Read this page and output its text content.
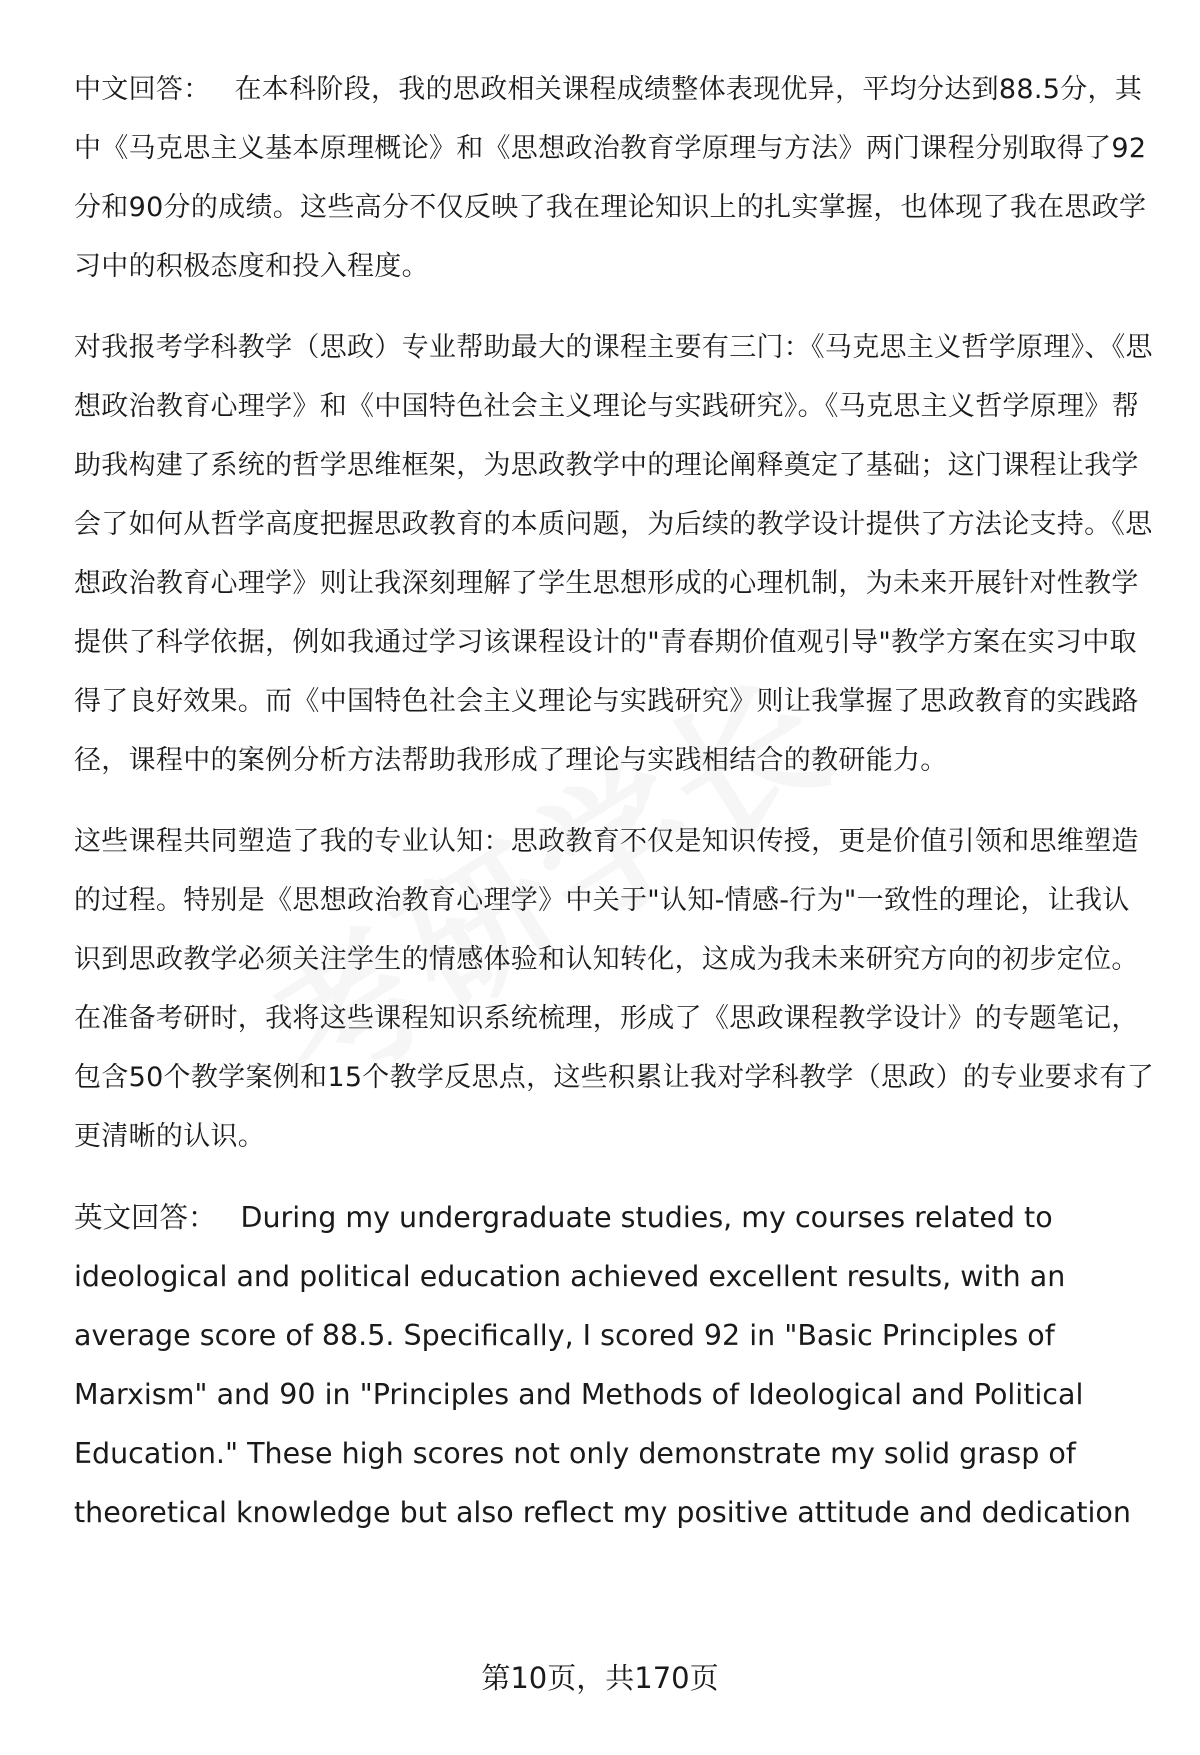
中文回答： 在本科阶段，我的思政相关课程成绩整体表现优异，平均分达到88.5分，其中《马克思主义基本原理概论》和《思想政治教育学原理与方法》两门课程分别取得了92分和90分的成绩。这些高分不仅反映了我在理论知识上的扎实掌握，也体现了我在思政学习中的积极态度和投入程度。

对我报考学科教学（思政）专业帮助最大的课程主要有三门：《马克思主义哲学原理》、《思想政治教育心理学》和《中国特色社会主义理论与实践研究》。《马克思主义哲学原理》帮助我构建了系统的哲学思维框架，为思政教学中的理论阐释奠定了基础；这门课程让我学会了如何从哲学高度把握思政教育的本质问题，为后续的教学设计提供了方法论支持。《思想政治教育心理学》则让我深刻理解了学生思想形成的心理机制，为未来开展针对性教学提供了科学依据，例如我通过学习该课程设计的"青春期价值观引导"教学方案在实习中取得了良好效果。而《中国特色社会主义理论与实践研究》则让我掌握了思政教育的实践路径，课程中的案例分析方法帮助我形成了理论与实践相结合的教研能力。

这些课程共同塑造了我的专业认知：思政教育不仅是知识传授，更是价值引领和思维塑造的过程。特别是《思想政治教育心理学》中关于"认知-情感-行为"一致性的理论，让我认识到思政教学必须关注学生的情感体验和认知转化，这成为我未来研究方向的初步定位。在准备考研时，我将这些课程知识系统梳理，形成了《思政课程教学设计》的专题笔记，包含50个教学案例和15个教学反思点，这些积累让我对学科教学（思政）的专业要求有了更清晰的认识。

英文回答： During my undergraduate studies, my courses related to ideological and political education achieved excellent results, with an average score of 88.5. Specifically, I scored 92 in "Basic Principles of Marxism" and 90 in "Principles and Methods of Ideological and Political Education." These high scores not only demonstrate my solid grasp of theoretical knowledge but also reflect my positive attitude and dedication

第10页，共170页
